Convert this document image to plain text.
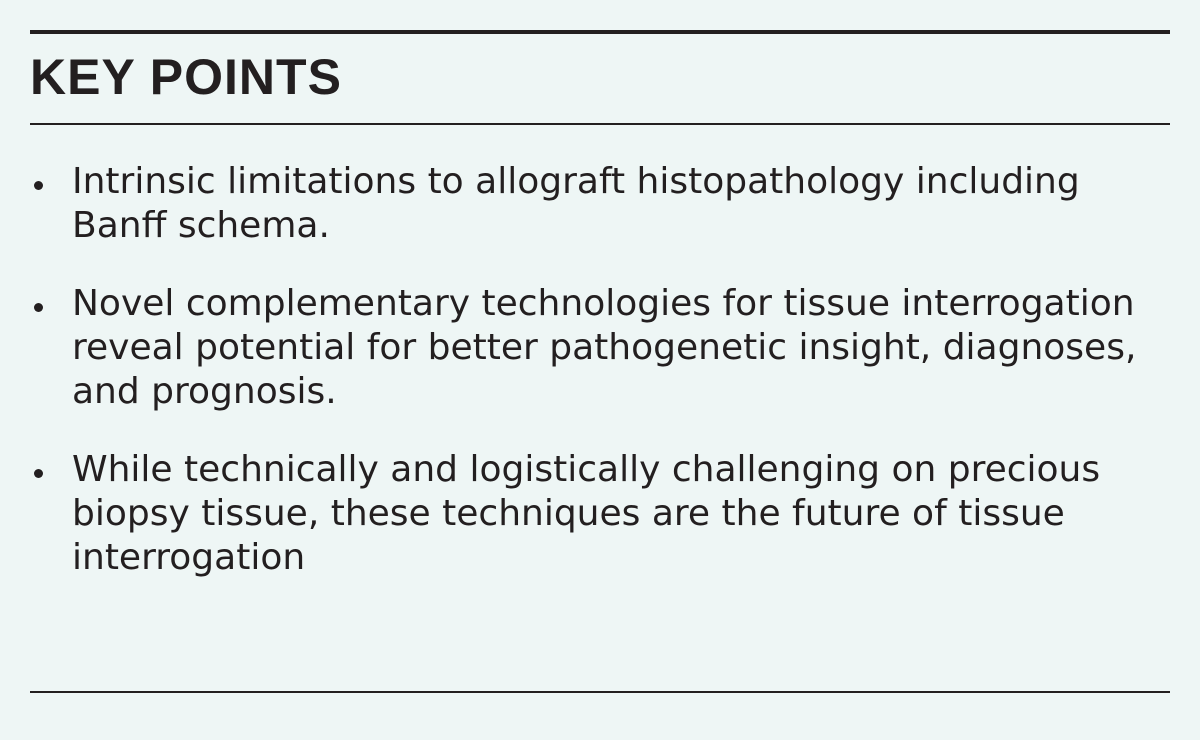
KEY POINTS
Intrinsic limitations to allograft histopathology including Banff schema.
Novel complementary technologies for tissue interrogation reveal potential for better pathogenetic insight, diagnoses, and prognosis.
While technically and logistically challenging on precious biopsy tissue, these techniques are the future of tissue interrogation
